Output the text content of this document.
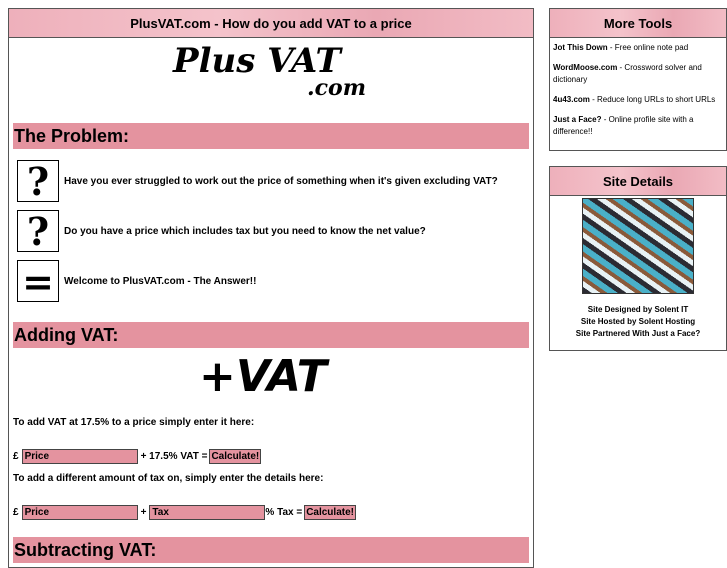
PlusVAT.com - How do you add VAT to a price
Plus VAT
.com
The Problem:
?	Have you ever struggled to work out the price of something when it's given excluding VAT?
?	Do you have a price which includes tax but you need to know the net value?
=	Welcome to PlusVAT.com - The Answer!!
Adding VAT:
+VAT
To add VAT at 17.5% to a price simply enter it here:
£ Price	+ 17.5% VAT = Calculate!
To add a different amount of tax on, simply enter the details here:
£ Price	+ Tax	% Tax = Calculate!
Subtracting VAT:
More Tools

Jot This Down - Free online note pad

WordMoose.com - Crossword solver and dictionary

4u43.com - Reduce long URLs to short URLs

Just a Face? - Online profile site with a difference!!

Site Details
Site Designed by Solent IT
Site Hosted by Solent Hosting
Site Partnered With Just a Face?
